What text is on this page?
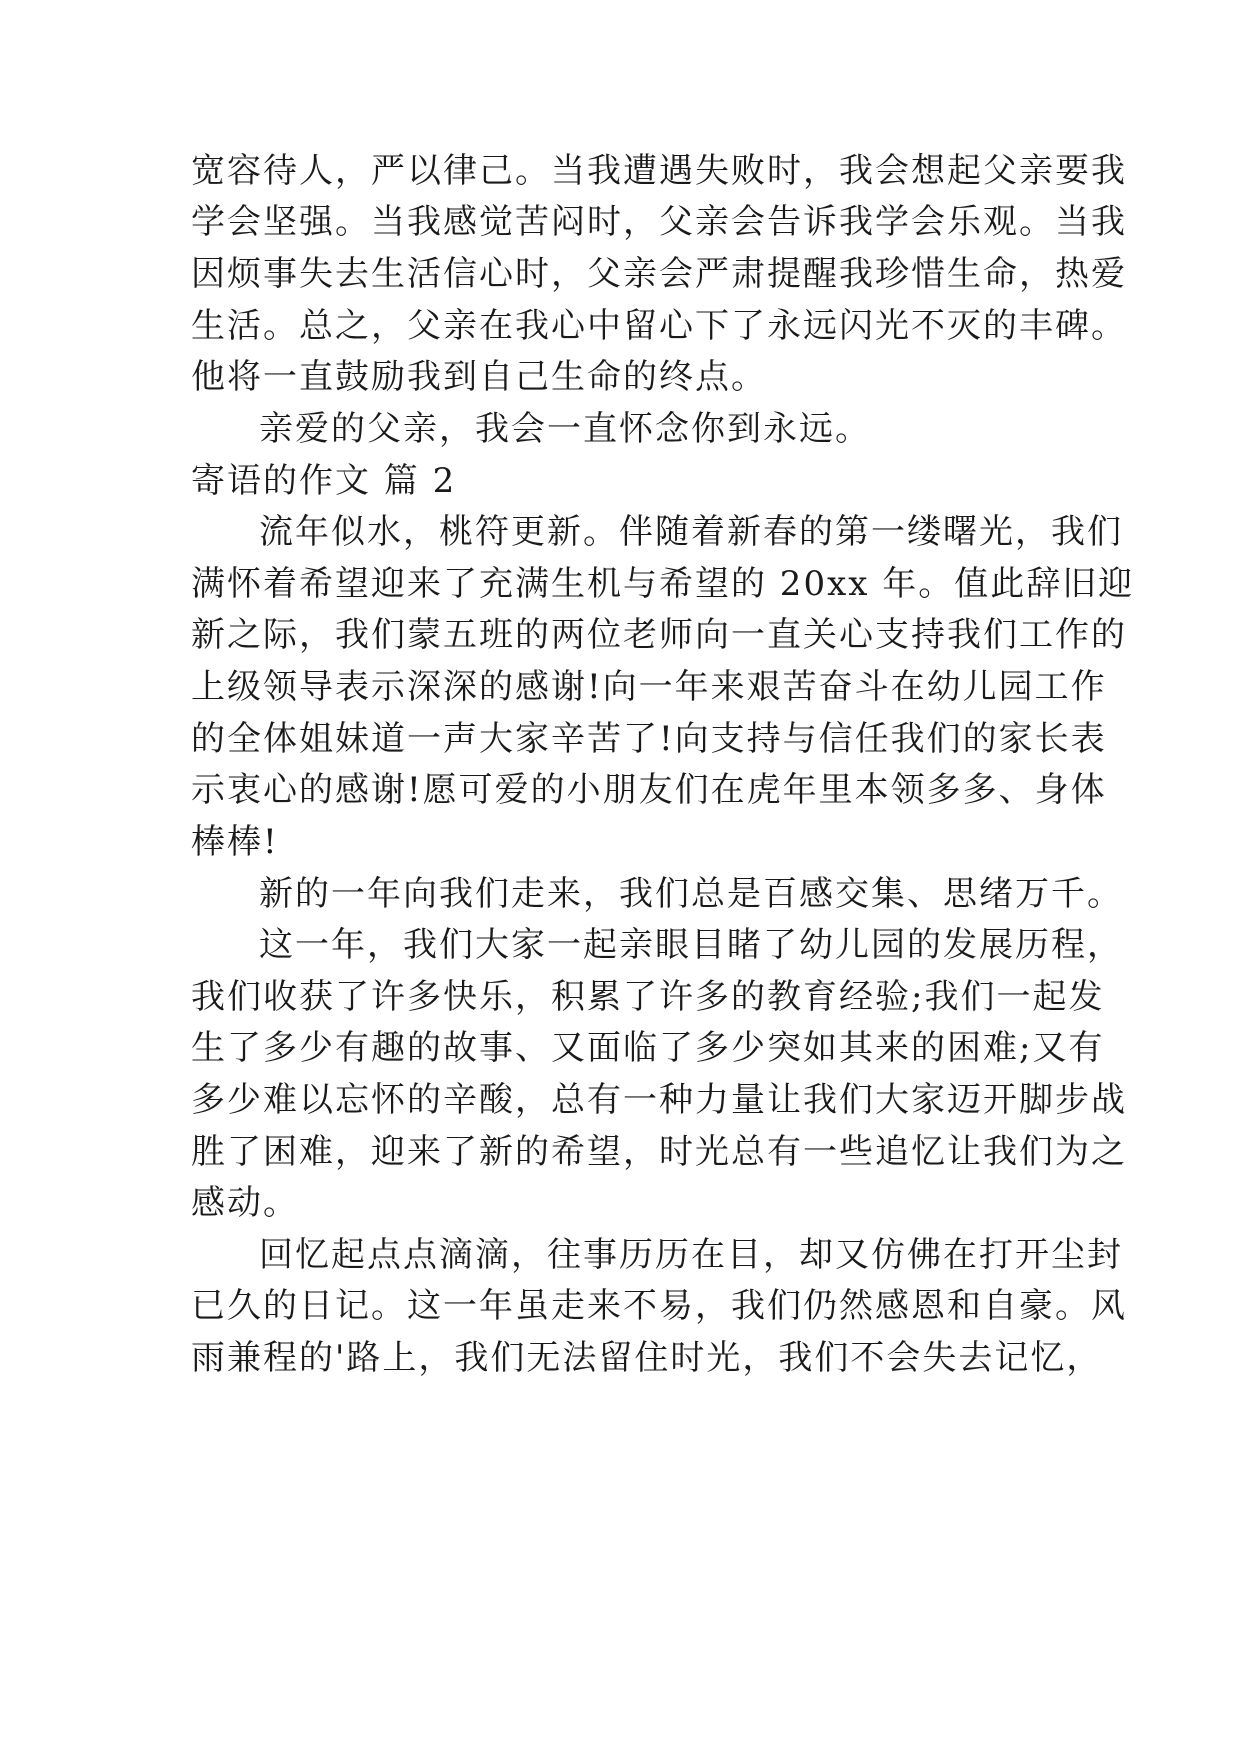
宽容待人，严以律己。当我遭遇失败时，我会想起父亲要我
学会坚强。当我感觉苦闷时，父亲会告诉我学会乐观。当我
因烦事失去生活信心时，父亲会严肃提醒我珍惜生命，热爱
生活。总之，父亲在我心中留心下了永远闪光不灭的丰碑。
他将一直鼓励我到自己生命的终点。
亲爱的父亲，我会一直怀念你到永远。
寄语的作文 篇 2
流年似水，桃符更新。伴随着新春的第一缕曙光，我们
满怀着希望迎来了充满生机与希望的 20xx 年。值此辞旧迎
新之际，我们蒙五班的两位老师向一直关心支持我们工作的
上级领导表示深深的感谢!向一年来艰苦奋斗在幼儿园工作
的全体姐妹道一声大家辛苦了!向支持与信任我们的家长表
示衷心的感谢!愿可爱的小朋友们在虎年里本领多多、身体
棒棒!
新的一年向我们走来，我们总是百感交集、思绪万千。
这一年，我们大家一起亲眼目睹了幼儿园的发展历程，
我们收获了许多快乐，积累了许多的教育经验;我们一起发
生了多少有趣的故事、又面临了多少突如其来的困难;又有
多少难以忘怀的辛酸，总有一种力量让我们大家迈开脚步战
胜了困难，迎来了新的希望，时光总有一些追忆让我们为之
感动。
回忆起点点滴滴，往事历历在目，却又仿佛在打开尘封
已久的日记。这一年虽走来不易，我们仍然感恩和自豪。风
雨兼程的'路上，我们无法留住时光，我们不会失去记忆，
